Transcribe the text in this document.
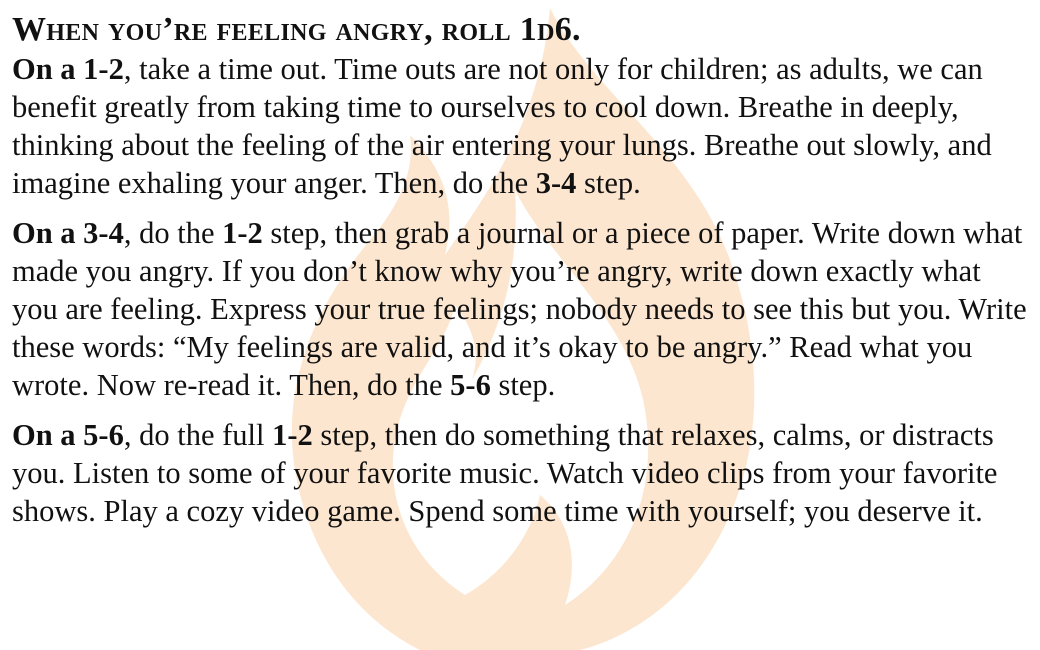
When you’re feeling angry, roll 1d6.

On a 1-2, take a time out. Time outs are not only for children; as adults, we can benefit greatly from taking time to ourselves to cool down. Breathe in deeply, thinking about the feeling of the air entering your lungs. Breathe out slowly, and imagine exhaling your anger. Then, do the 3-4 step.

On a 3-4, do the 1-2 step, then grab a journal or a piece of paper. Write down what made you angry. If you don’t know why you’re angry, write down exactly what you are feeling. Express your true feelings; nobody needs to see this but you. Write these words: “My feelings are valid, and it’s okay to be angry.” Read what you wrote. Now re-read it. Then, do the 5-6 step.

On a 5-6, do the full 1-2 step, then do something that relaxes, calms, or distracts you. Listen to some of your favorite music. Watch video clips from your favorite shows. Play a cozy video game. Spend some time with yourself; you deserve it.
